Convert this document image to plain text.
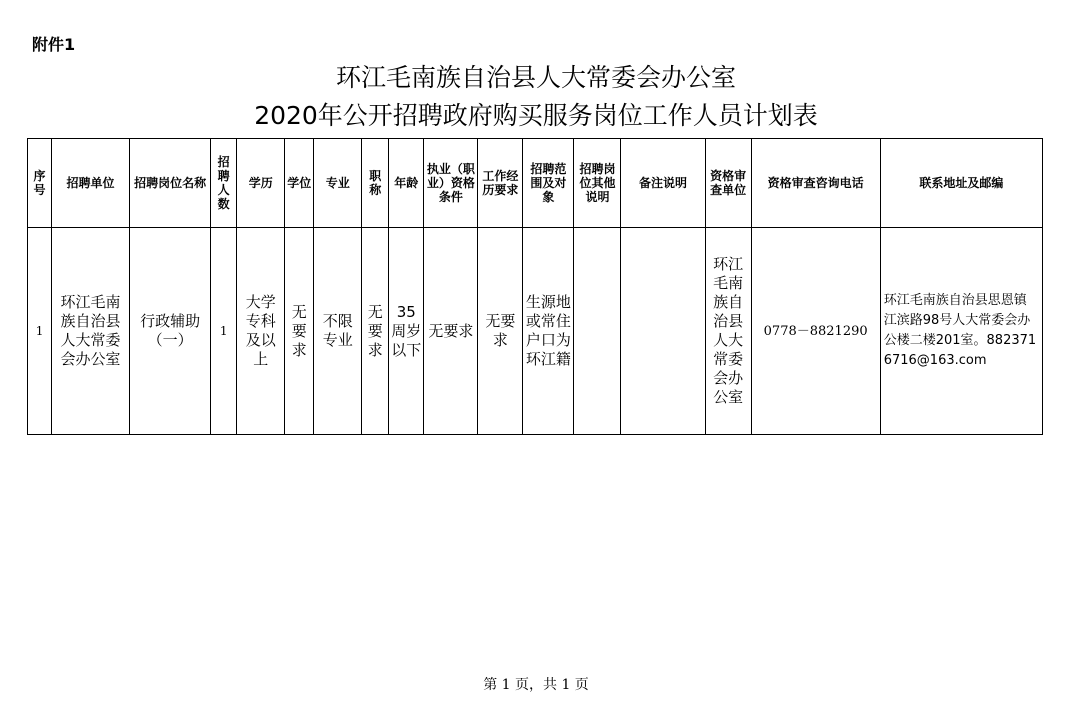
附件1
环江毛南族自治县人大常委会办公室
2020年公开招聘政府购买服务岗位工作人员计划表
序号	招聘单位	招聘岗位名称	招聘人数	学历	学位	专业	职称	年龄	执业（职业）资格条件	工作经历要求	招聘范围及对象	招聘岗位其他说明	备注说明	资格审查单位	资格审查咨询电话	联系地址及邮编
1	环江毛南族自治县人大常委会办公室	行政辅助（一）	1	大学专科及以上	无要求	不限专业	无要求	35周岁以下	无要求	无要求	生源地或常住户口为环江籍			环江毛南族自治县人大常委会办公室	0778－8821290	环江毛南族自治县思恩镇江滨路98号人大常委会办公楼二楼201室。8823716716@163.com
第 1 页，共 1 页
